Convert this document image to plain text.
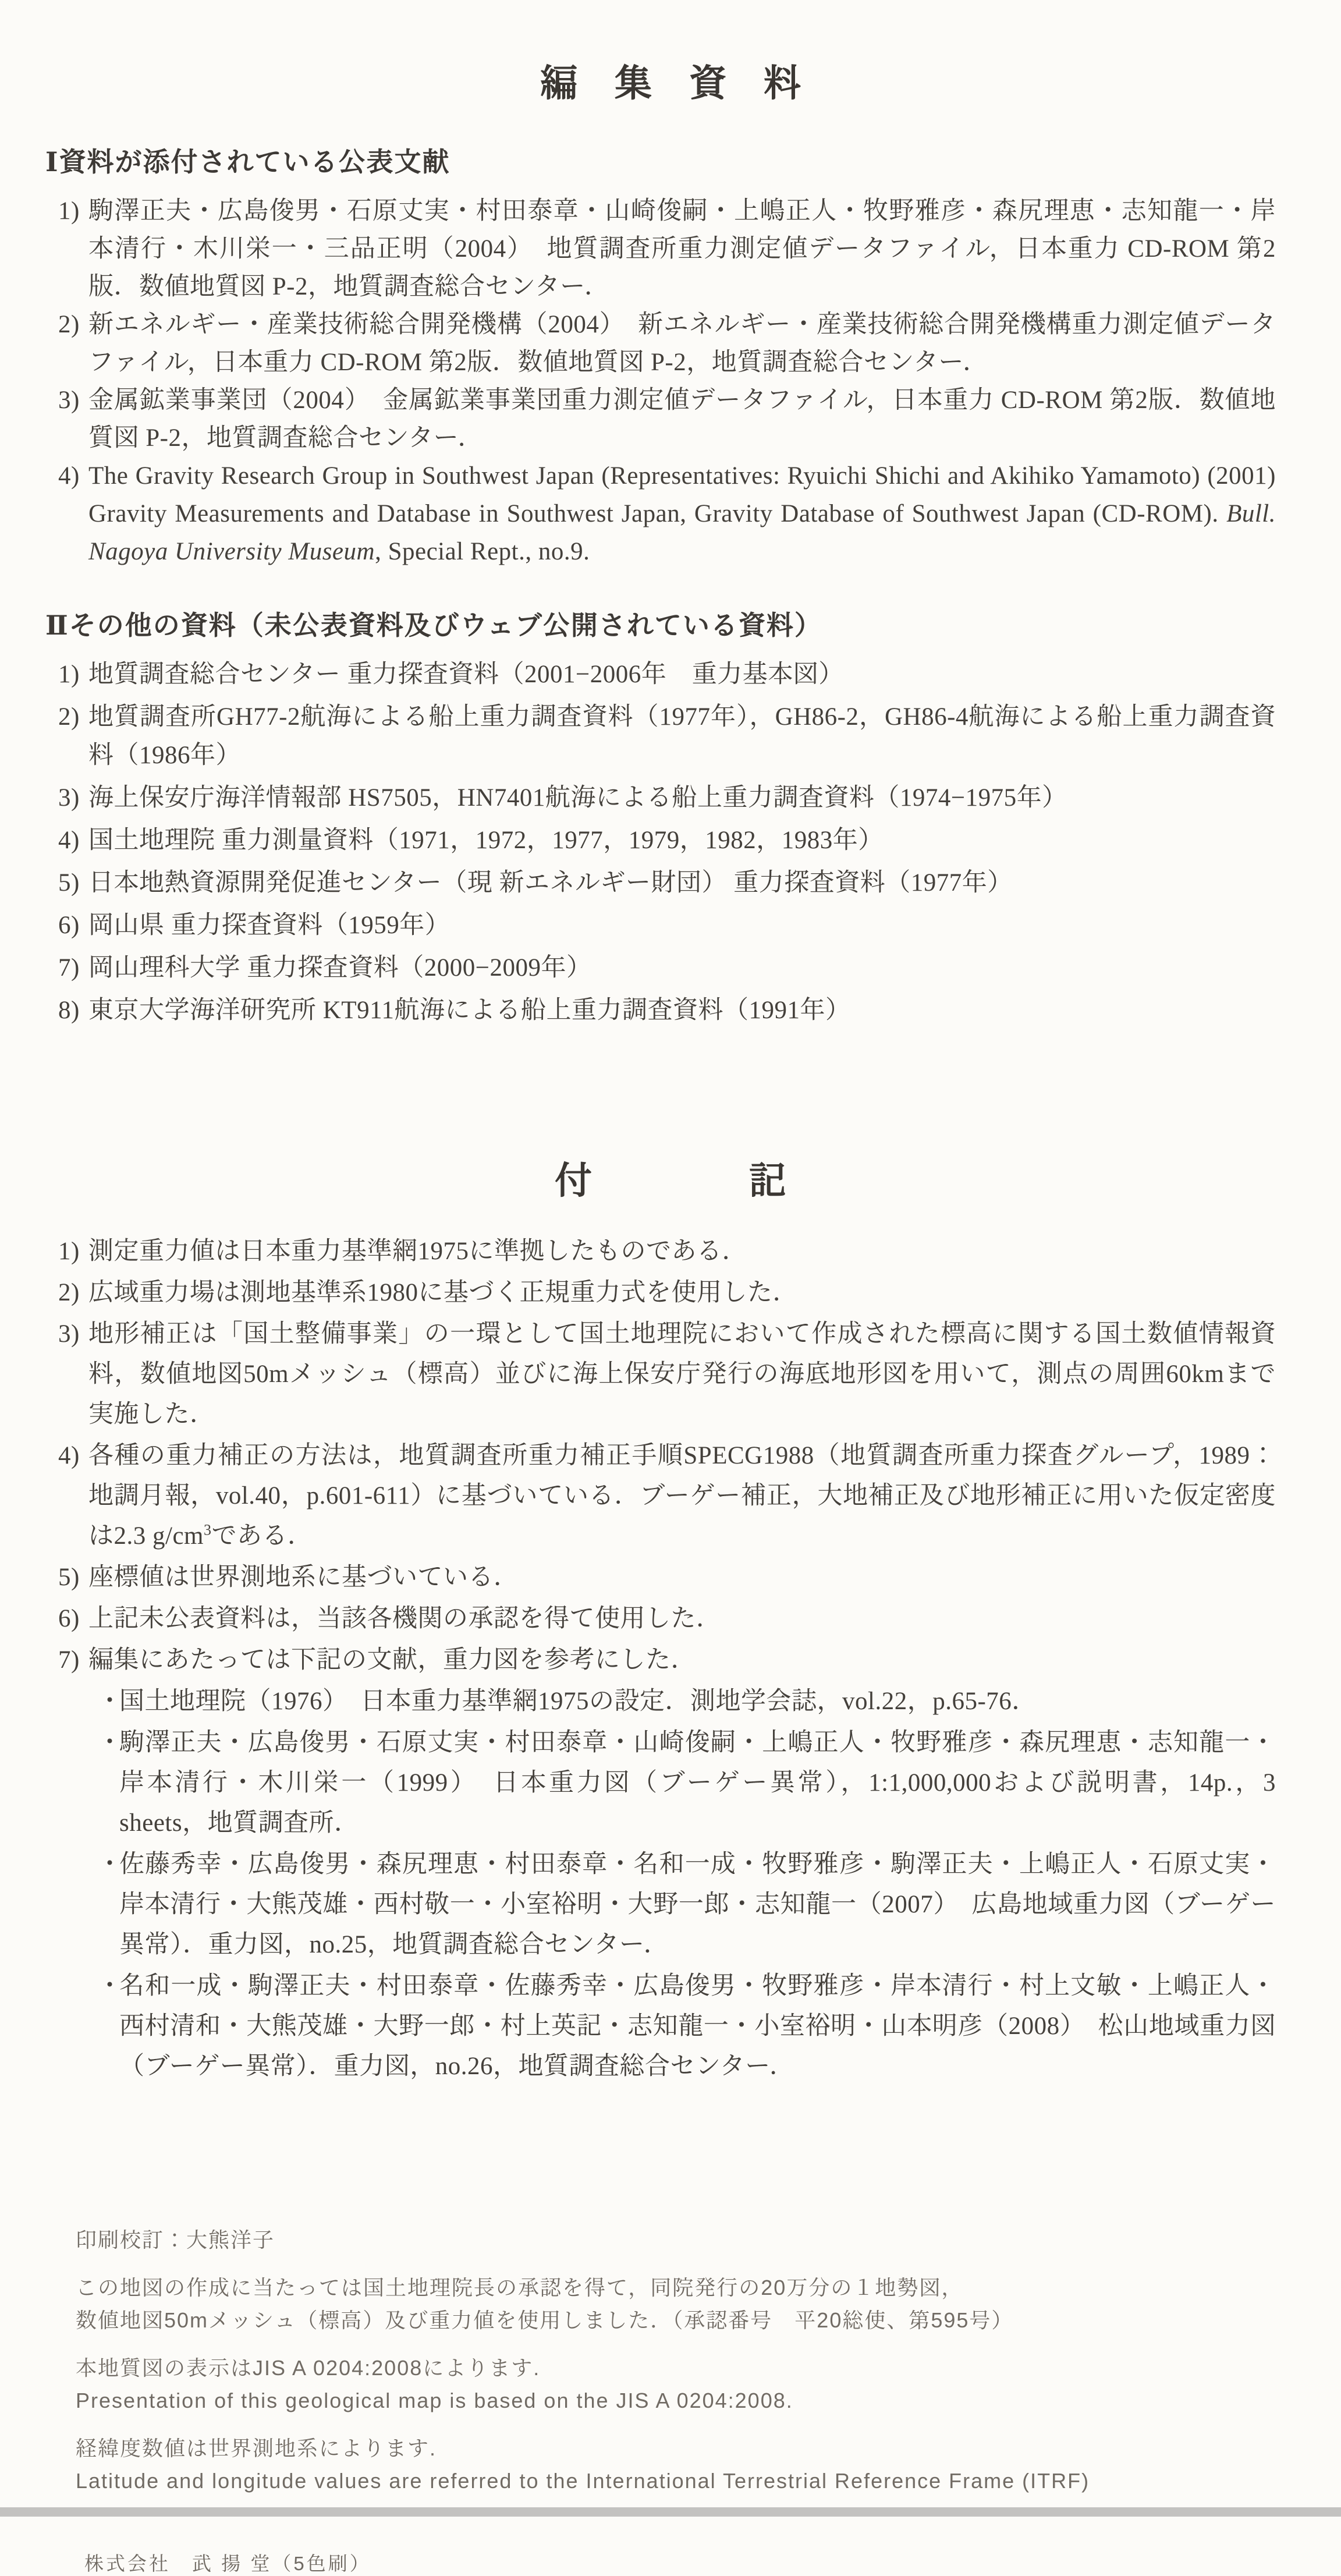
編集資料
Ⅰ資料が添付されている公表文献
1) 駒澤正夫・広島俊男・石原丈実・村田泰章・山崎俊嗣・上嶋正人・牧野雅彦・森尻理恵・志知龍一・岸本清行・木川栄一・三品正明（2004）　地質調査所重力測定値データファイル，日本重力 CD-ROM 第2版．数値地質図 P-2，地質調査総合センター．
2) 新エネルギー・産業技術総合開発機構（2004）　新エネルギー・産業技術総合開発機構重力測定値データファイル，日本重力 CD-ROM 第2版．数値地質図 P-2，地質調査総合センター．
3) 金属鉱業事業団（2004）　金属鉱業事業団重力測定値データファイル，日本重力 CD-ROM 第2版．数値地質図 P-2，地質調査総合センター．
4) The Gravity Research Group in Southwest Japan (Representatives: Ryuichi Shichi and Akihiko Yamamoto) (2001) Gravity Measurements and Database in Southwest Japan, Gravity Database of Southwest Japan (CD-ROM). Bull. Nagoya University Museum, Special Rept., no.9.
Ⅱその他の資料（未公表資料及びウェブ公開されている資料）
1) 地質調査総合センター 重力探査資料（2001−2006年　重力基本図）
2) 地質調査所GH77-2航海による船上重力調査資料（1977年），GH86-2，GH86-4航海による船上重力調査資料（1986年）
3) 海上保安庁海洋情報部 HS7505，HN7401航海による船上重力調査資料（1974−1975年）
4) 国土地理院 重力測量資料（1971，1972，1977，1979，1982，1983年）
5) 日本地熱資源開発促進センター（現 新エネルギー財団） 重力探査資料（1977年）
6) 岡山県 重力探査資料（1959年）
7) 岡山理科大学 重力探査資料（2000−2009年）
8) 東京大学海洋研究所 KT911航海による船上重力調査資料（1991年）
付記
1) 測定重力値は日本重力基準網1975に準拠したものである．
2) 広域重力場は測地基準系1980に基づく正規重力式を使用した．
3) 地形補正は「国土整備事業」の一環として国土地理院において作成された標高に関する国土数値情報資料，数値地図50mメッシュ（標高）並びに海上保安庁発行の海底地形図を用いて，測点の周囲60kmまで実施した．
4) 各種の重力補正の方法は，地質調査所重力補正手順SPECG1988（地質調査所重力探査グループ，1989：地調月報，vol.40，p.601-611）に基づいている．ブーゲー補正，大地補正及び地形補正に用いた仮定密度は2.3 $g/cm^3$である．
5) 座標値は世界測地系に基づいている．
6) 上記未公表資料は，当該各機関の承認を得て使用した．
7) 編集にあたっては下記の文献，重力図を参考にした．
・
国土地理院（1976）　日本重力基準網1975の設定．測地学会誌，vol.22，p.65-76．
・
駒澤正夫・広島俊男・石原丈実・村田泰章・山崎俊嗣・上嶋正人・牧野雅彦・森尻理恵・志知龍一・岸本清行・木川栄一（1999）　日本重力図（ブーゲー異常），1:1,000,000および説明書，14p.，3 sheets，地質調査所．
・
佐藤秀幸・広島俊男・森尻理恵・村田泰章・名和一成・牧野雅彦・駒澤正夫・上嶋正人・石原丈実・岸本清行・大熊茂雄・西村敬一・小室裕明・大野一郎・志知龍一（2007）　広島地域重力図（ブーゲー異常）．重力図，no.25，地質調査総合センター．
・
名和一成・駒澤正夫・村田泰章・佐藤秀幸・広島俊男・牧野雅彦・岸本清行・村上文敏・上嶋正人・西村清和・大熊茂雄・大野一郎・村上英記・志知龍一・小室裕明・山本明彦（2008）　松山地域重力図（ブーゲー異常）．重力図，no.26，地質調査総合センター．
印刷校訂：大熊洋子
この地図の作成に当たっては国土地理院長の承認を得て，同院発行の20万分の１地勢図，
数値地図50mメッシュ（標高）及び重力値を使用しました．（承認番号　平20総使、第595号）
本地質図の表示はJIS A 0204:2008によります.
Presentation of this geological map is based on the JIS A 0204:2008.
経緯度数値は世界測地系によります.
Latitude and longitude values are referred to the International Terrestrial Reference Frame (ITRF)
株式会社　武 揚 堂（5色刷）
